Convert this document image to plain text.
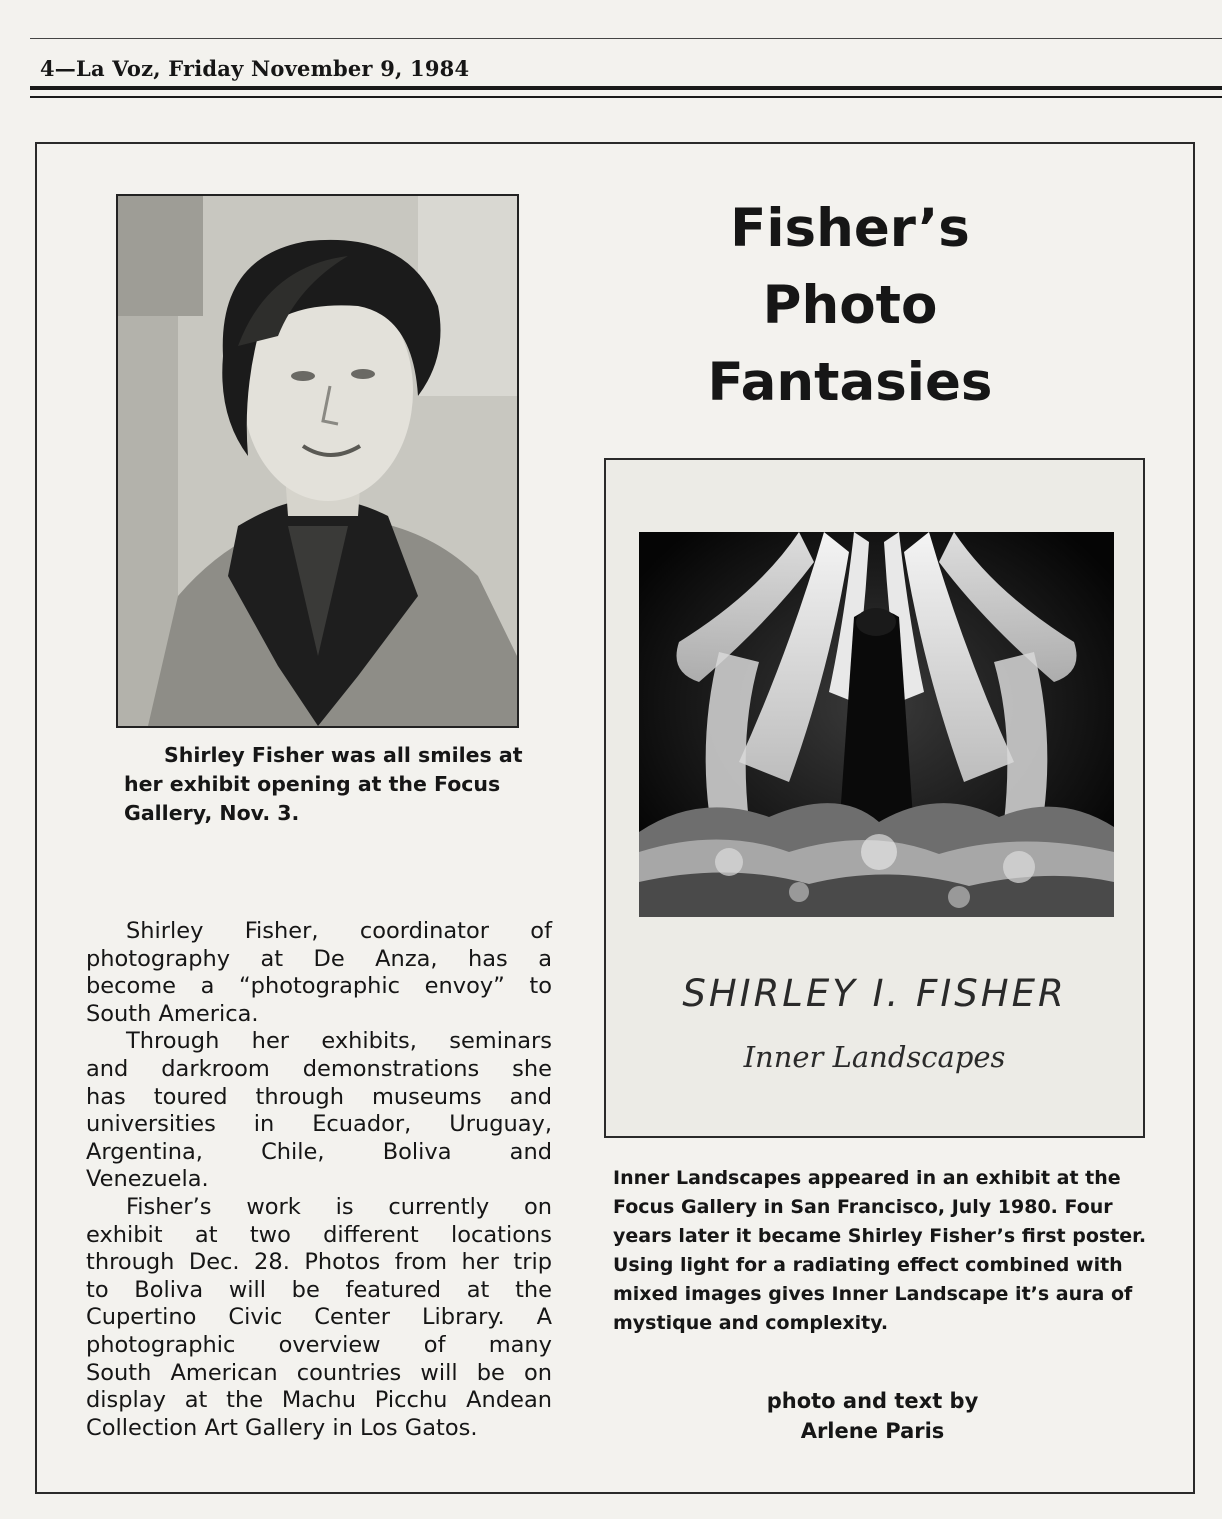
4—La Voz, Friday November 9, 1984
Shirley Fisher was all smiles at
her exhibit opening at the Focus
Gallery, Nov. 3.

Shirley Fisher, coordinator of
photography at De Anza, has a
become a “photographic envoy” to
South America.

Through her exhibits, seminars
and darkroom demonstrations she
has toured through museums and
universities in Ecuador, Uruguay,
Argentina, Chile, Boliva and
Venezuela.

Fisher’s work is currently on
exhibit at two different locations
through Dec. 28. Photos from her trip
to Boliva will be featured at the
Cupertino Civic Center Library. A
photographic overview of many
South American countries will be on
display at the Machu Picchu Andean
Collection Art Gallery in Los Gatos.

Fisher’s
Photo
Fantasies
SHIRLEY I. FISHER
Inner Landscapes
Inner Landscapes appeared in an exhibit at the
Focus Gallery in San Francisco, July 1980. Four
years later it became Shirley Fisher’s first poster.
Using light for a radiating effect combined with
mixed images gives Inner Landscape it’s aura of
mystique and complexity.
photo and text by
Arlene Paris
